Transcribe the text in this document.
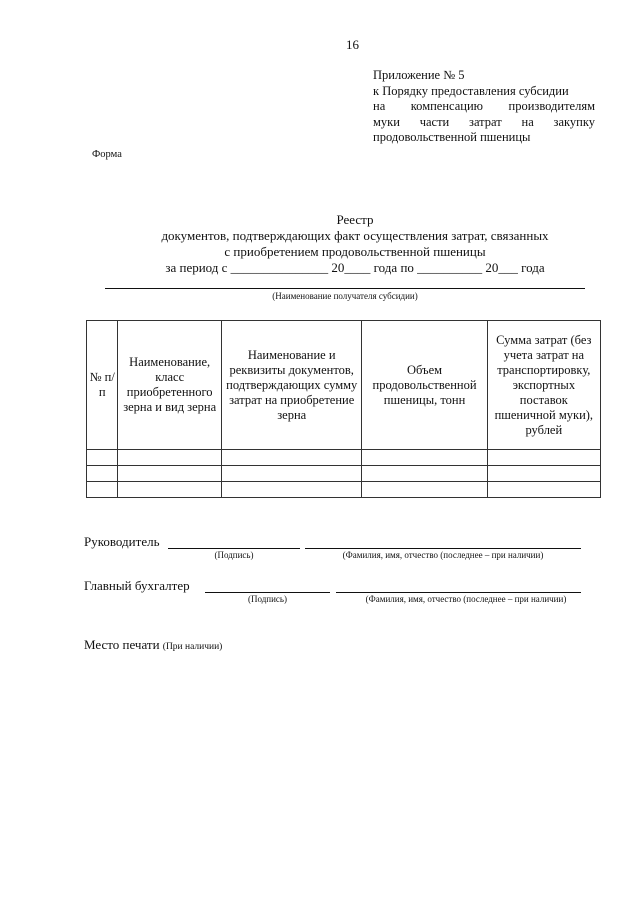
16
Приложение № 5
к Порядку предоставления субсидии
на компенсацию производителям
муки части затрат на закупку
продовольственной пшеницы
Форма
Реестр
документов, подтверждающих факт осуществления затрат, связанных
с приобретением продовольственной пшеницы
за период с _______________ 20____ года по __________ 20___ года
(Наименование получателя субсидии)
№ п/п	Наименование, класс приобретенного зерна и вид зерна	Наименование и реквизиты документов, подтверждающих сумму затрат на приобретение зерна	Объем продовольственной пшеницы, тонн	Сумма затрат (без учета затрат на транспортировку, экспортных поставок пшеничной муки), рублей

Руководитель
(Подпись)	(Фамилия, имя, отчество (последнее – при наличии)
Главный бухгалтер
(Подпись)	(Фамилия, имя, отчество (последнее – при наличии)
Место печати (При наличии)
